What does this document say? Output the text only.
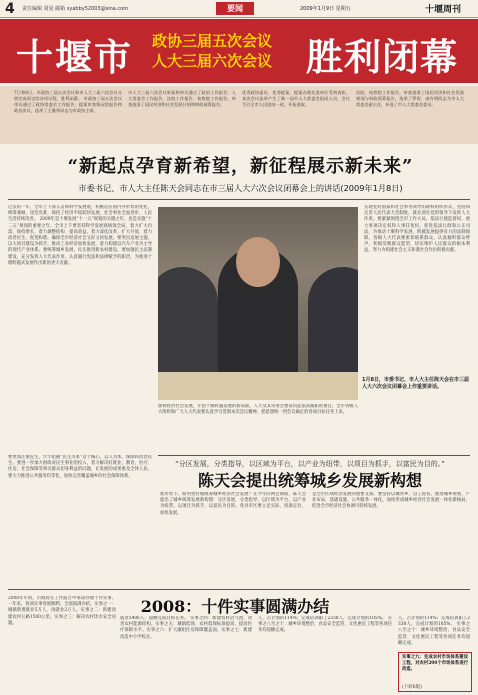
4 责任编辑 周夏 邮箱 syabby52003@sina.com	要闻	2009年1月9日 星期五	十堰周刊
十堰市 政协三届五次会议
人大三届六次会议 胜利闭幕
7日和8日，市政协三届五次会议和市人大三届六次会议分别完成预定的各项议程，胜利闭幕。 市政协三届五次会议审议通过了政协常委会工作报告、提案审查情况的报告和政治决议，选举了王雅华同志为市政协主席。
市人大三届六次会议听取和审议通过了政府工作报告、人大常委会工作报告、法院工作报告、检察院工作报告，审查批准了国民经济和社会发展计划和财政预算报告。
优秀政协委员、优秀提案、提案办理先进单位受到表彰，本次会议选举产生了新一届市人大常委会组成人员，会议号召全市人民团结一致，开拓进取。
法院、检察院工作报告，审查批准了国民经济和社会发展规划与财政预算报告，选举了罗智、南有明同志为市人大常委会副主任，补选了市人大常委会委员。
“新起点孕育新希望，新征程展示新未来”
市委书记、市人大主任陈天会同志在市三届人大六次会议闭幕会上的讲话(2009年1月8日)
过去的一年，全市上下深入贯彻科学发展观，积极适应国内外形势的变化，统筹兼顾，攻坚克难，保持了经济平稳较快发展，社会事业全面进步，人民生活持续改善。 2009年是十堰发展“十一五”规划的关键之年，也是实施“十二五”规划的重要之年。全市上下要坚持科学发展观统领全局，着力扩大内需、保持增长，着力调整结构、提高效益，着力深化改革、扩大开放，着力改善民生、促进和谐，确保全市经济社会又好又快发展。要突出发展主题，以大项目建设为抓手，推动工业经济加快发展，着力构建以汽车产业为主导的现代产业体系。要统筹城乡发展，扎实推进新农村建设。要加强民主法制建设，充分发挥人大代表作用，认真履行宪法和法律赋予的职责，为推进十堰跨越式发展作出新的更大贡献。
加快经济社会发展，开创十堰跨越发展的新局面，人大及其常委会要肩负起依法履职的重任，全市各级人大组织和广大人大代表要认真学习贯彻本次会议精神，把思想统一到会议确定的各项目标任务上来。
实现党对国家和社会事务领导的政权组织形式，坚持和完善人民代表大会制度，就必须在党的领导下发挥人大作用。要紧紧围绕全市工作大局，依法行使监督权、重大事项决定权和人事任免权，促进依法行政和公正司法，为推动十堰科学发展、跨越发展提供有力的法制保障。各级人大代表要密切联系群众，认真倾听群众呼声，积极反映群众愿望，切实维护人民群众的根本利益，努力为构建社会主义和谐社会作出积极贡献。
1月8日，市委书记、市人大主任陈天会在市三届人大六次会议闭幕会上作重要讲话。
“分区发展，分类指导，以区域为平台，以产业为纽带，以项目为抓手，以富民为目的。”
陈天会提出统筹城乡发展新构想
要更加注重民生，牢牢把握“民生为本”这个核心，以人为本，保障和改善民生。要进一步加大财政对民生事业的投入，着力解决好就业、教育、医疗、住房、社会保障等事关群众切身利益的问题，让发展的成果惠及全体人民。要大力推进公共服务均等化，加快完善覆盖城乡的社会保障体系。
新形势下，如何更好地统筹城乡经济社会发展？在今年的两会期间，陈天会提出了城乡统筹发展新构想：分区发展，分类指导，以区域为平台，以产业为纽带，以项目为抓手，以富民为目的。各县市区要立足实际，找准定位，加快发展。
是全市区域经济发展的重要支撑。要坚持以城带乡、以工促农，推进城乡规划、产业布局、基础设施、公共服务一体化，加快形成城乡经济社会发展一体化新格局，促进全市经济社会协调可持续发展。
2008：十件实事圆满办结
2008年年初，市政府在工作报告中承诺办理十件实事，一年来，各项实事进展顺利，全部圆满办结。实事之一：城镇新增就业5万人，再就业2万人。实事之二：新建改建农村公路1500公里。实事之三：解决农村饮水安全问题。
就业5406人，超额完成目标任务。 实事之四：新建农村沼气池，改善农村能源结构。实事之五：城镇低保、农村低保标准提高，提高医疗保障水平。实事之六：扩大廉租住房保障覆盖面。实事之七：新建改造中小学校舍。
人，占计划的114%；完成培训职工2338人，完成计划的105%。 实事之八至之十：城乡环境整治、食品安全监管、文化惠民工程等各项任务均超额完成。
人，占计划的114%；完成培训职工2338人，完成计划的105%。 实事之八至之十：城乡环境整治、食品安全监管、文化惠民工程等各项任务均超额完成。
实事之九：完成农村市场体系建设工程，对农村200个市场体系进行改造。
(下转6版)
